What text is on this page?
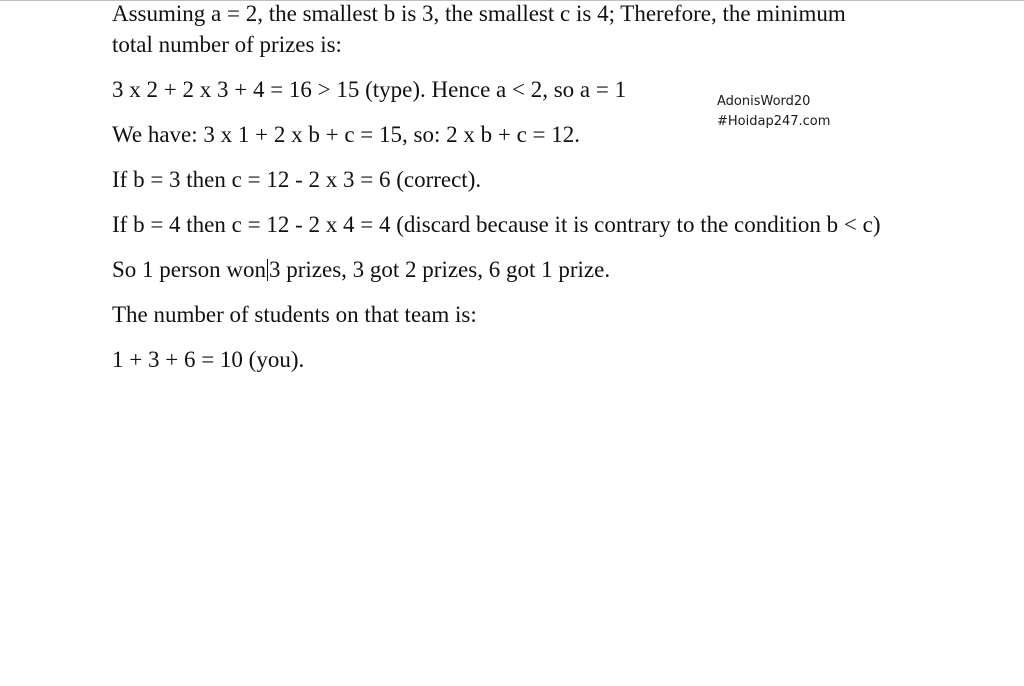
Assuming a = 2, the smallest b is 3, the smallest c is 4; Therefore, the minimum

total number of prizes is:

3 x 2 + 2 x 3 + 4 = 16 > 15 (type). Hence a < 2, so a = 1

We have: 3 x 1 + 2 x b + c = 15, so: 2 x b + c = 12.

If b = 3 then c = 12 - 2 x 3 = 6 (correct).

If b = 4 then c = 12 - 2 x 4 = 4 (discard because it is contrary to the condition b < c)

So 1 person won 3 prizes, 3 got 2 prizes, 6 got 1 prize.

The number of students on that team is:

1 + 3 + 6 = 10 (you).

AdonisWord20

#Hoidap247.com
